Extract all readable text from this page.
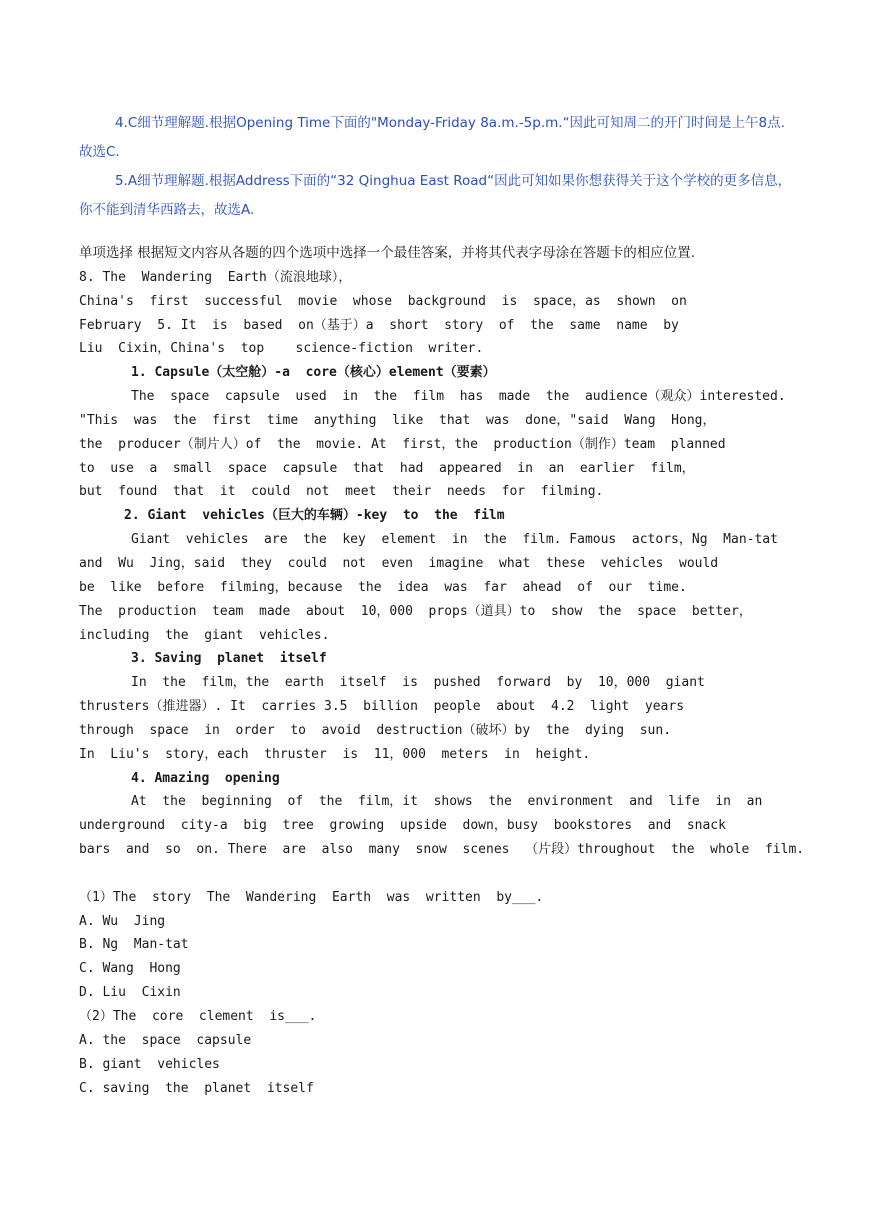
4.C细节理解题.根据Opening Time下面的"Monday-Friday 8a.m.-5p.m.“因此可知周二的开门时间是上午8点.故选C.

5.A细节理解题.根据Address下面的“32 Qinghua East Road“因此可知如果你想获得关于这个学校的更多信息，你不能到清华西路去，故选A.

单项选择 根据短文内容从各题的四个选项中选择一个最佳答案，并将其代表字母涂在答题卡的相应位置.

8. The  Wandering  Earth（流浪地球），

China's  first  successful  movie  whose  background  is  space，as  shown  on

February  5. It  is  based  on（基于）a  short  story  of  the  same  name  by

Liu  Cixin，China's  top    science-fiction  writer.

1. Capsule（太空舱）-a  core（核心）element（要素）

The  space  capsule  used  in  the  film  has  made  the  audience（观众）interested.

"This  was  the  first  time  anything  like  that  was  done，"said  Wang  Hong，

the  producer（制片人）of  the  movie. At  first，the  production（制作）team  planned

to  use  a  small  space  capsule  that  had  appeared  in  an  earlier  film，

but  found  that  it  could  not  meet  their  needs  for  filming.

2. Giant  vehicles（巨大的车辆）-key  to  the  film

Giant  vehicles  are  the  key  element  in  the  film. Famous  actors，Ng  Man-tat

and  Wu  Jing，said  they  could  not  even  imagine  what  these  vehicles  would

be  like  before  filming，because  the  idea  was  far  ahead  of  our  time.

The  production  team  made  about  10，000  props（道具）to  show  the  space  better，

including  the  giant  vehicles.

3. Saving  planet  itself

In  the  film，the  earth  itself  is  pushed  forward  by  10，000  giant

thrusters（推进器）. It  carries 3.5  billion  people  about  4.2  light  years

through  space  in  order  to  avoid  destruction（破坏）by  the  dying  sun.

In  Liu's  story，each  thruster  is  11，000  meters  in  height.

4. Amazing  opening

At  the  beginning  of  the  film，it  shows  the  environment  and  life  in  an

underground  city-a  big  tree  growing  upside  down，busy  bookstores  and  snack

bars  and  so  on. There  are  also  many  snow  scenes  （片段）throughout  the  whole  film.

（1）The  story  The  Wandering  Earth  was  written  by___.

A. Wu  Jing

B. Ng  Man-tat

C. Wang  Hong

D. Liu  Cixin

（2）The  core  clement  is___.

A. the  space  capsule

B. giant  vehicles

C. saving  the  planet  itself
